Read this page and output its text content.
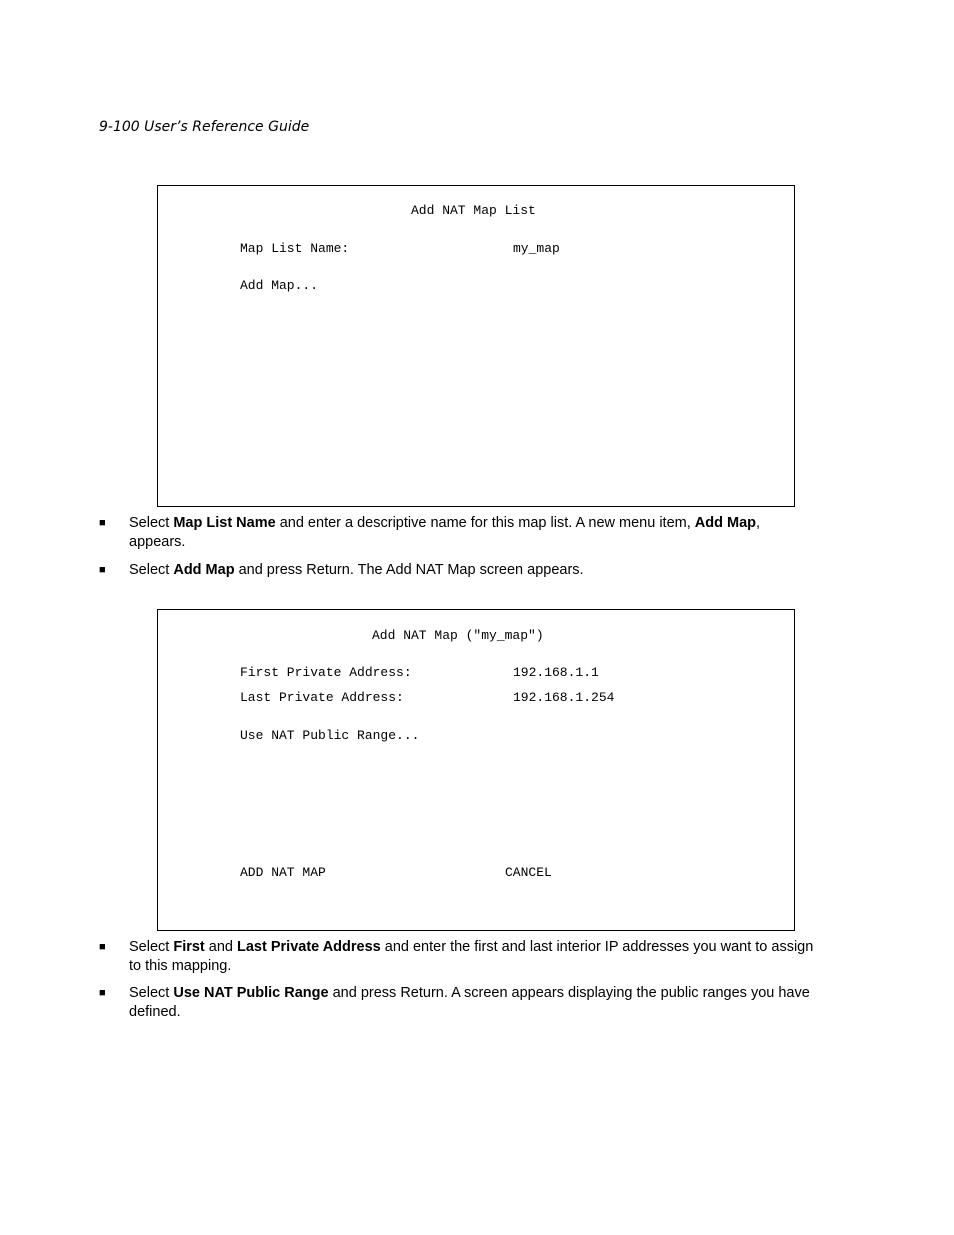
9-100 User’s Reference Guide
Add NAT Map List
Map List Name:	my_map
Add Map...
■ Select Map List Name and enter a descriptive name for this map list. A new menu item, Add Map,
appears.
■ Select Add Map and press Return. The Add NAT Map screen appears.
Add NAT Map ("my_map")
First Private Address:	192.168.1.1
Last Private Address:	192.168.1.254
Use NAT Public Range...
ADD NAT MAP	CANCEL
■ Select First and Last Private Address and enter the first and last interior IP addresses you want to assign
to this mapping.
■ Select Use NAT Public Range and press Return. A screen appears displaying the public ranges you have
defined.
